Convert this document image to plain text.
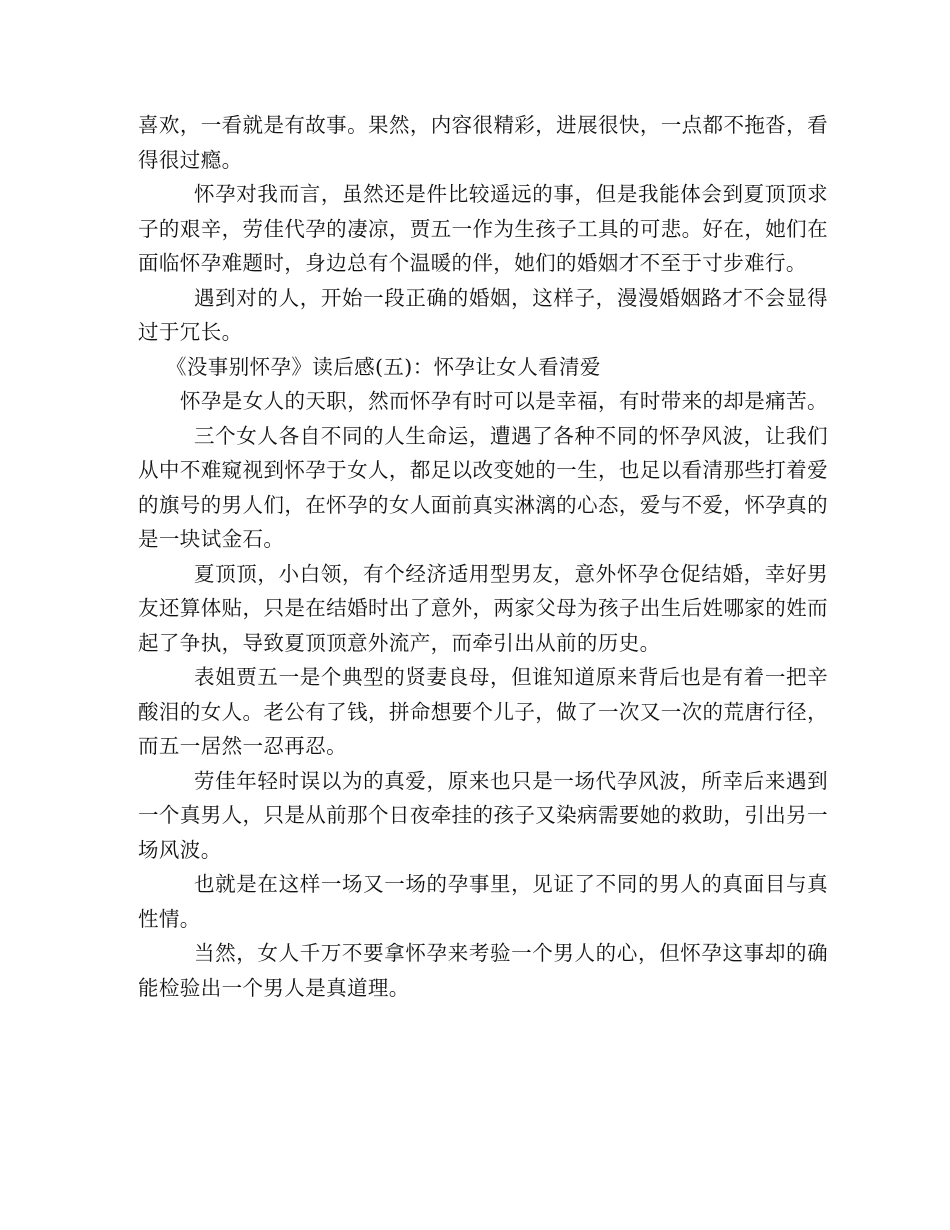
喜欢，一看就是有故事。果然，内容很精彩，进展很快，一点都不拖沓，看得很过瘾。

怀孕对我而言，虽然还是件比较遥远的事，但是我能体会到夏顶顶求子的艰辛，劳佳代孕的凄凉，贾五一作为生孩子工具的可悲。好在，她们在面临怀孕难题时，身边总有个温暖的伴，她们的婚姻才不至于寸步难行。

遇到对的人，开始一段正确的婚姻，这样子，漫漫婚姻路才不会显得过于冗长。

《没事别怀孕》读后感(五)：怀孕让女人看清爱

怀孕是女人的天职，然而怀孕有时可以是幸福，有时带来的却是痛苦。

三个女人各自不同的人生命运，遭遇了各种不同的怀孕风波，让我们从中不难窥视到怀孕于女人，都足以改变她的一生，也足以看清那些打着爱的旗号的男人们，在怀孕的女人面前真实淋漓的心态，爱与不爱，怀孕真的是一块试金石。

夏顶顶，小白领，有个经济适用型男友，意外怀孕仓促结婚，幸好男友还算体贴，只是在结婚时出了意外，两家父母为孩子出生后姓哪家的姓而起了争执，导致夏顶顶意外流产，而牵引出从前的历史。

表姐贾五一是个典型的贤妻良母，但谁知道原来背后也是有着一把辛酸泪的女人。老公有了钱，拼命想要个儿子，做了一次又一次的荒唐行径，而五一居然一忍再忍。

劳佳年轻时误以为的真爱，原来也只是一场代孕风波，所幸后来遇到一个真男人，只是从前那个日夜牵挂的孩子又染病需要她的救助，引出另一场风波。

也就是在这样一场又一场的孕事里，见证了不同的男人的真面目与真性情。

当然，女人千万不要拿怀孕来考验一个男人的心，但怀孕这事却的确能检验出一个男人是真道理。
